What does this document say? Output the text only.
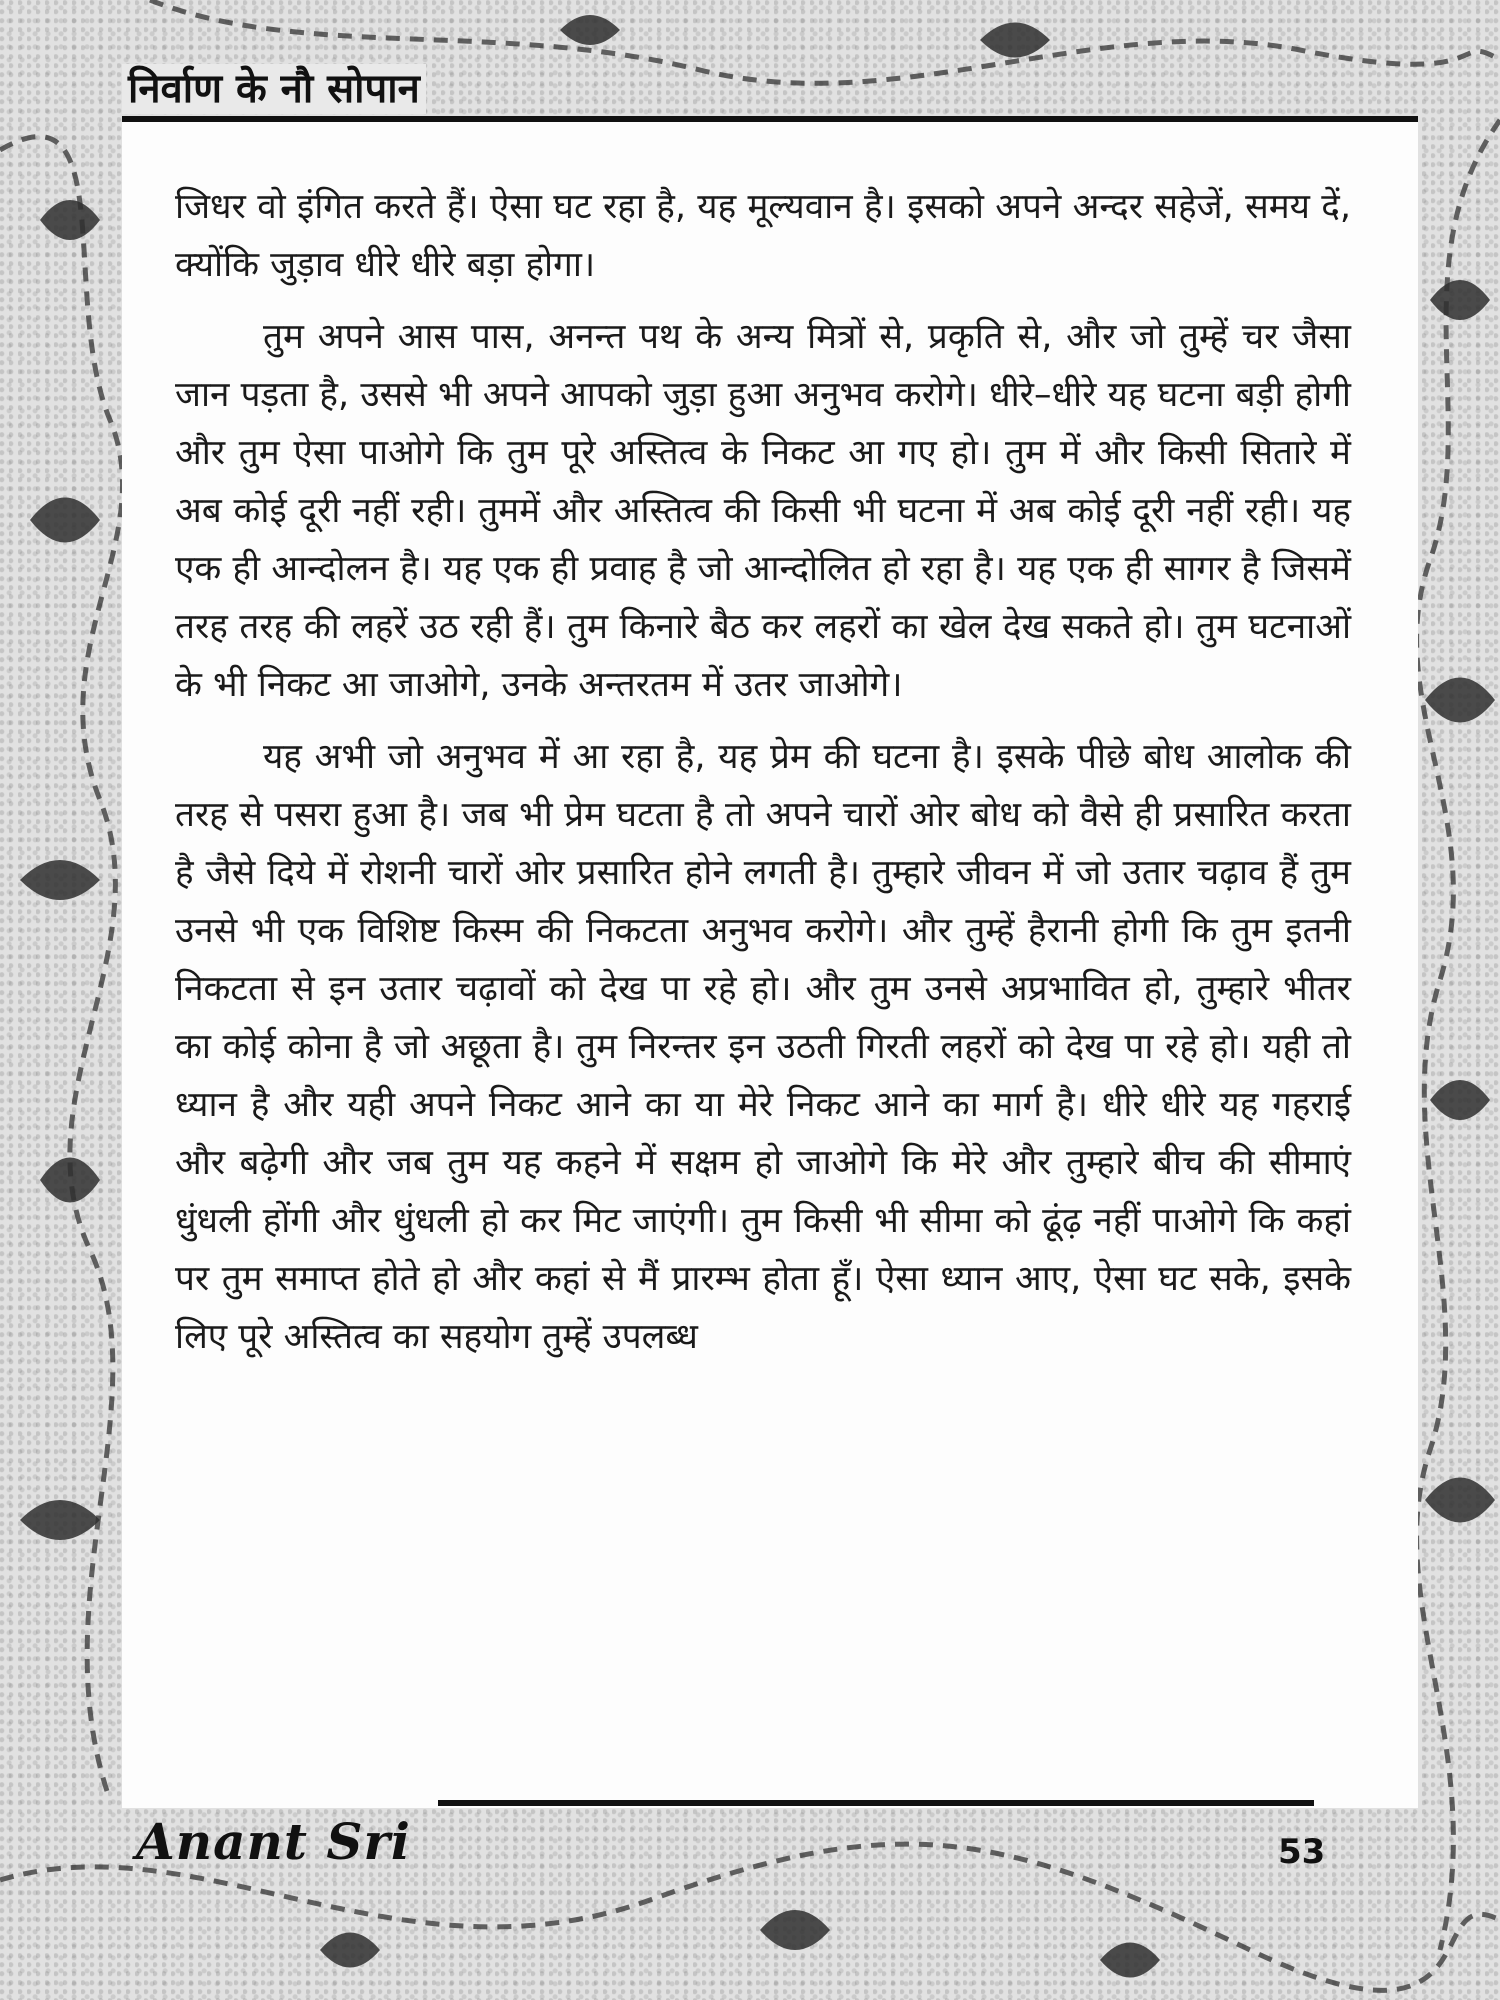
निर्वाण के नौ सोपान

जिधर वो इंगित करते हैं। ऐसा घट रहा है, यह मूल्यवान है। इसको अपने अन्दर सहेजें, समय दें, क्योंकि जुड़ाव धीरे धीरे बड़ा होगा।

तुम अपने आस पास, अनन्त पथ के अन्य मित्रों से, प्रकृति से, और जो तुम्हें चर जैसा जान पड़ता है, उससे भी अपने आपको जुड़ा हुआ अनुभव करोगे। धीरे–धीरे यह घटना बड़ी होगी और तुम ऐसा पाओगे कि तुम पूरे अस्तित्व के निकट आ गए हो। तुम में और किसी सितारे में अब कोई दूरी नहीं रही। तुममें और अस्तित्व की किसी भी घटना में अब कोई दूरी नहीं रही। यह एक ही आन्दोलन है। यह एक ही प्रवाह है जो आन्दोलित हो रहा है। यह एक ही सागर है जिसमें तरह तरह की लहरें उठ रही हैं। तुम किनारे बैठ कर लहरों का खेल देख सकते हो। तुम घटनाओं के भी निकट आ जाओगे, उनके अन्तरतम में उतर जाओगे।

यह अभी जो अनुभव में आ रहा है, यह प्रेम की घटना है। इसके पीछे बोध आलोक की तरह से पसरा हुआ है। जब भी प्रेम घटता है तो अपने चारों ओर बोध को वैसे ही प्रसारित करता है जैसे दिये में रोशनी चारों ओर प्रसारित होने लगती है। तुम्हारे जीवन में जो उतार चढ़ाव हैं तुम उनसे भी एक विशिष्ट किस्म की निकटता अनुभव करोगे। और तुम्हें हैरानी होगी कि तुम इतनी निकटता से इन उतार चढ़ावों को देख पा रहे हो। और तुम उनसे अप्रभावित हो, तुम्हारे भीतर का कोई कोना है जो अछूता है। तुम निरन्तर इन उठती गिरती लहरों को देख पा रहे हो। यही तो ध्यान है और यही अपने निकट आने का या मेरे निकट आने का मार्ग है। धीरे धीरे यह गहराई और बढ़ेगी और जब तुम यह कहने में सक्षम हो जाओगे कि मेरे और तुम्हारे बीच की सीमाएं धुंधली होंगी और धुंधली हो कर मिट जाएंगी। तुम किसी भी सीमा को ढूंढ़ नहीं पाओगे कि कहां पर तुम समाप्त होते हो और कहां से मैं प्रारम्भ होता हूँ। ऐसा ध्यान आए, ऐसा घट सके, इसके लिए पूरे अस्तित्व का सहयोग तुम्हें उपलब्ध

Anant Sri	53
